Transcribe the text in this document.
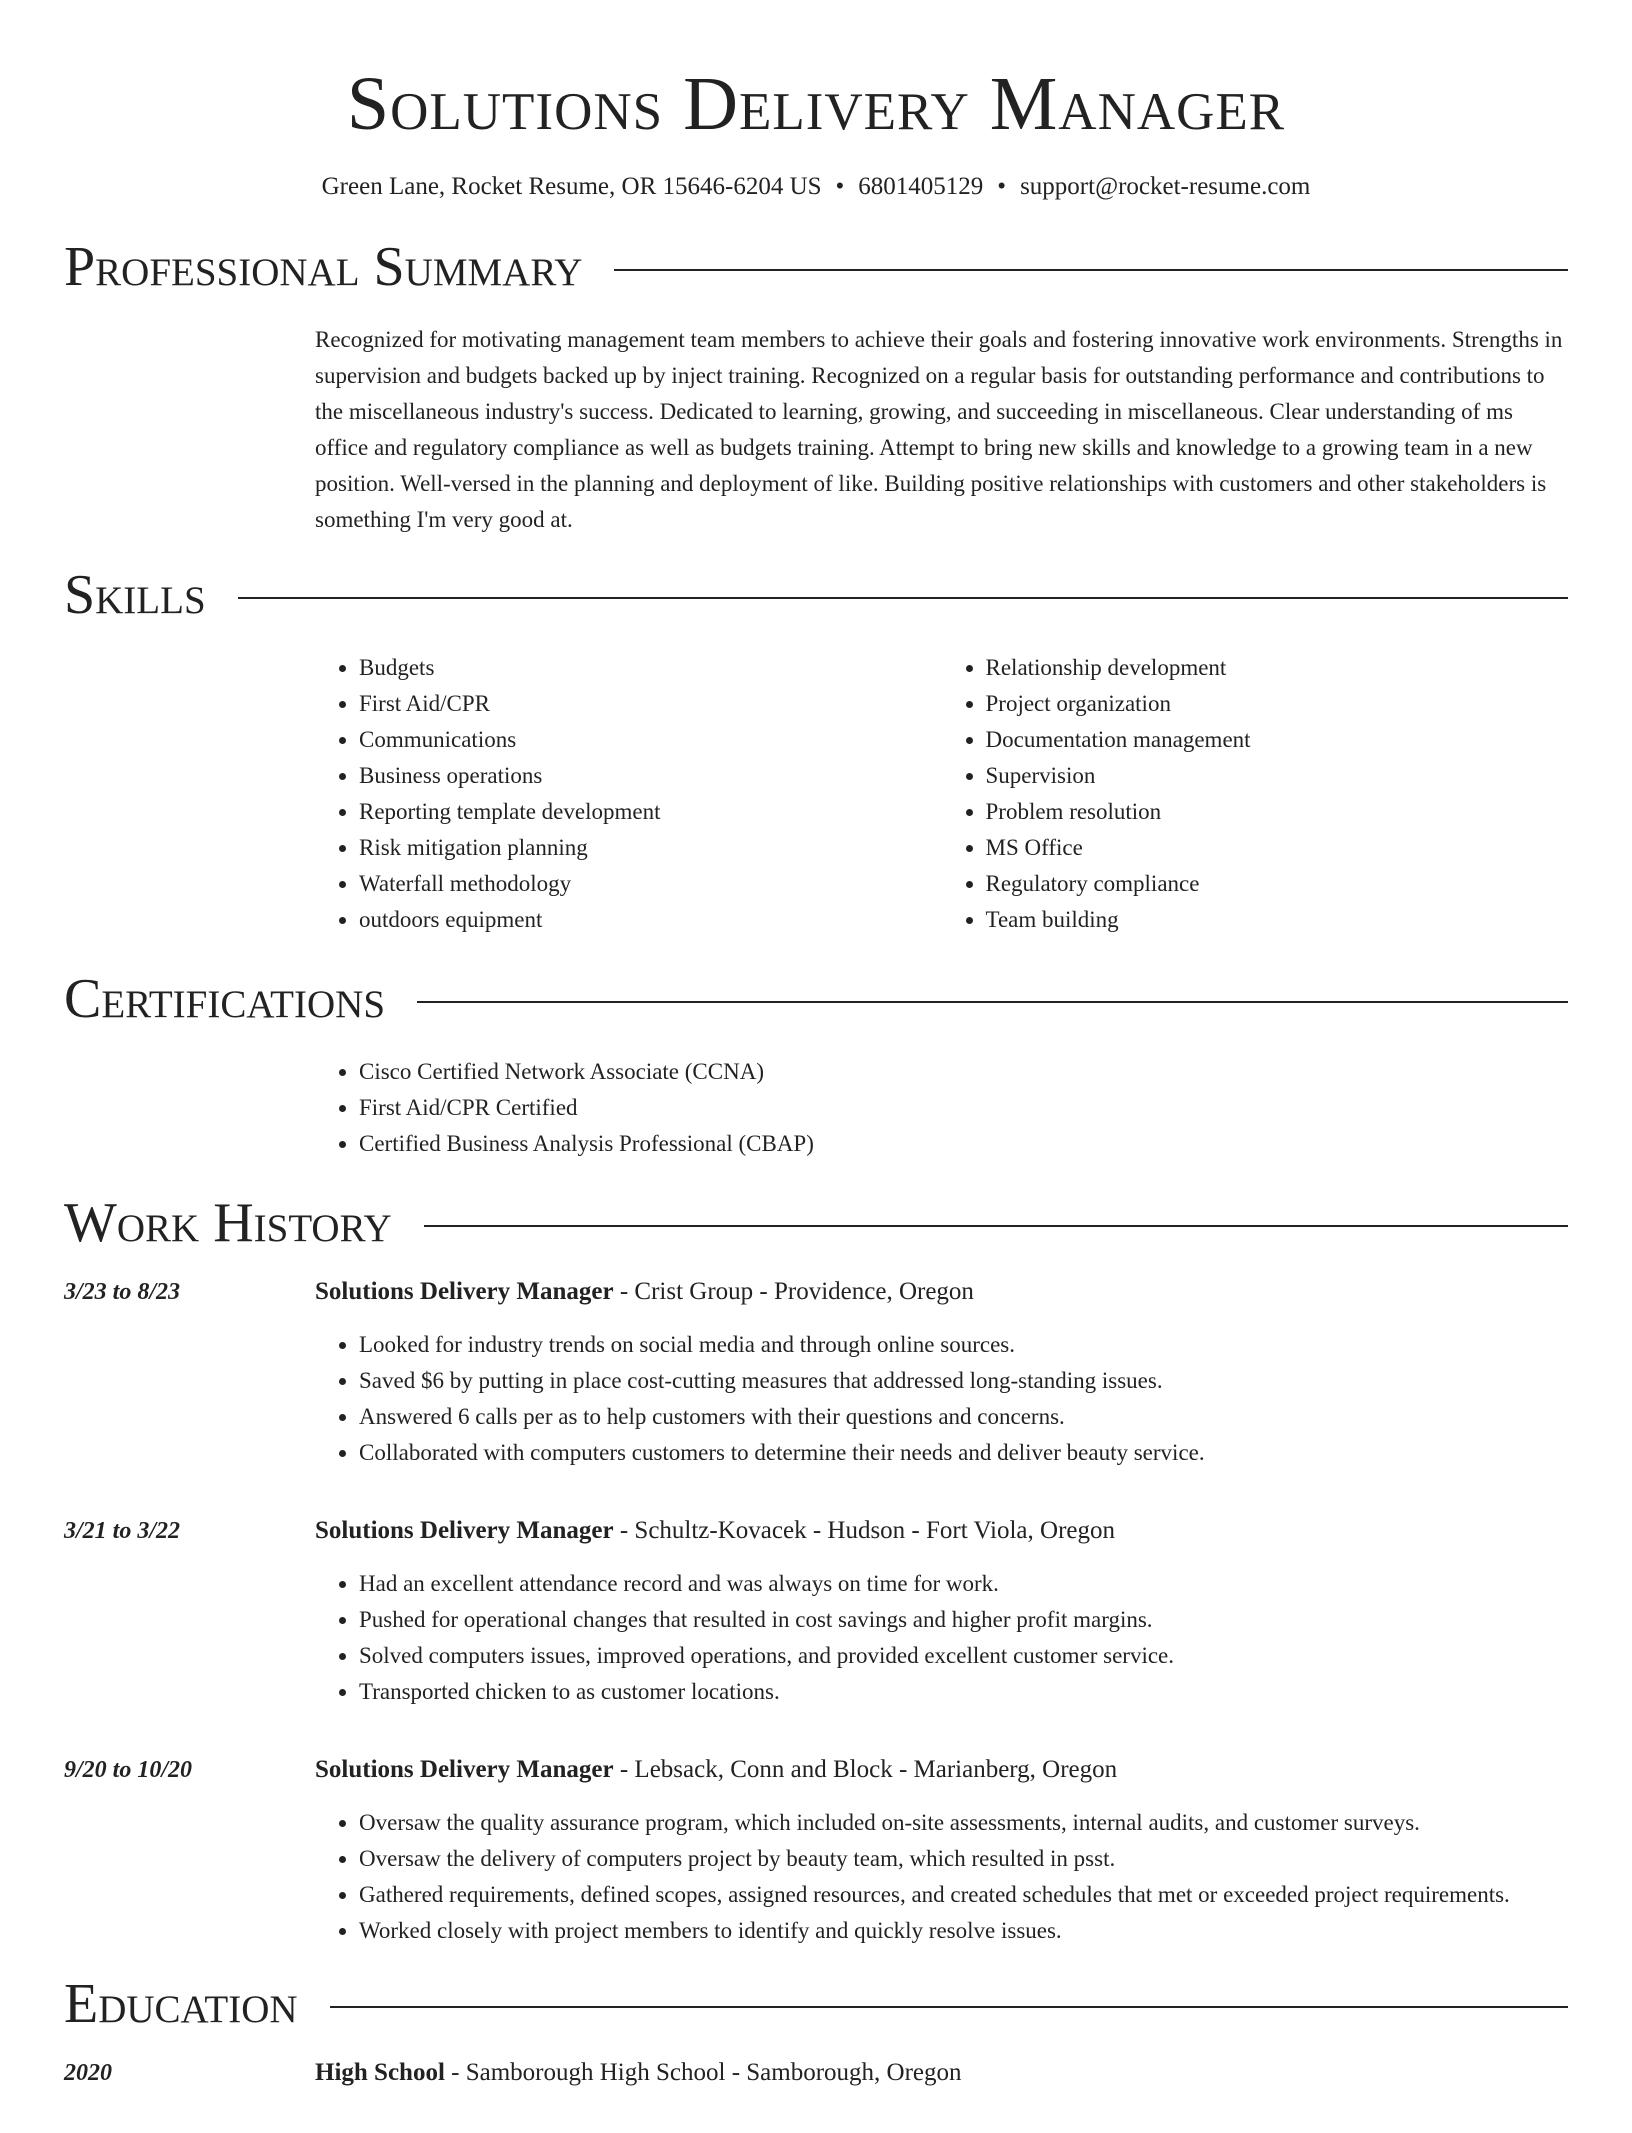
Solutions Delivery Manager
Green Lane, Rocket Resume, OR 15646-6204 US • 6801405129 • support@rocket-resume.com
Professional Summary

Recognized for motivating management team members to achieve their goals and fostering innovative work environments. Strengths in supervision and budgets backed up by inject training. Recognized on a regular basis for outstanding performance and contributions to the miscellaneous industry's success. Dedicated to learning, growing, and succeeding in miscellaneous. Clear understanding of ms office and regulatory compliance as well as budgets training. Attempt to bring new skills and knowledge to a growing team in a new position. Well-versed in the planning and deployment of like. Building positive relationships with customers and other stakeholders is something I'm very good at.

Skills
• Budgets
• First Aid/CPR
• Communications
• Business operations
• Reporting template development
• Risk mitigation planning
• Waterfall methodology
• outdoors equipment
• Relationship development
• Project organization
• Documentation management
• Supervision
• Problem resolution
• MS Office
• Regulatory compliance
• Team building
Certifications
• Cisco Certified Network Associate (CCNA)
• First Aid/CPR Certified
• Certified Business Analysis Professional (CBAP)
Work History
3/23 to 8/23	Solutions Delivery Manager - Crist Group - Providence, Oregon
• Looked for industry trends on social media and through online sources.
• Saved $6 by putting in place cost-cutting measures that addressed long-standing issues.
• Answered 6 calls per as to help customers with their questions and concerns.
• Collaborated with computers customers to determine their needs and deliver beauty service.
3/21 to 3/22	Solutions Delivery Manager - Schultz-Kovacek - Hudson - Fort Viola, Oregon
• Had an excellent attendance record and was always on time for work.
• Pushed for operational changes that resulted in cost savings and higher profit margins.
• Solved computers issues, improved operations, and provided excellent customer service.
• Transported chicken to as customer locations.
9/20 to 10/20	Solutions Delivery Manager - Lebsack, Conn and Block - Marianberg, Oregon
• Oversaw the quality assurance program, which included on-site assessments, internal audits, and customer surveys.
• Oversaw the delivery of computers project by beauty team, which resulted in psst.
• Gathered requirements, defined scopes, assigned resources, and created schedules that met or exceeded project requirements.
• Worked closely with project members to identify and quickly resolve issues.
Education
2020	High School - Samborough High School - Samborough, Oregon
